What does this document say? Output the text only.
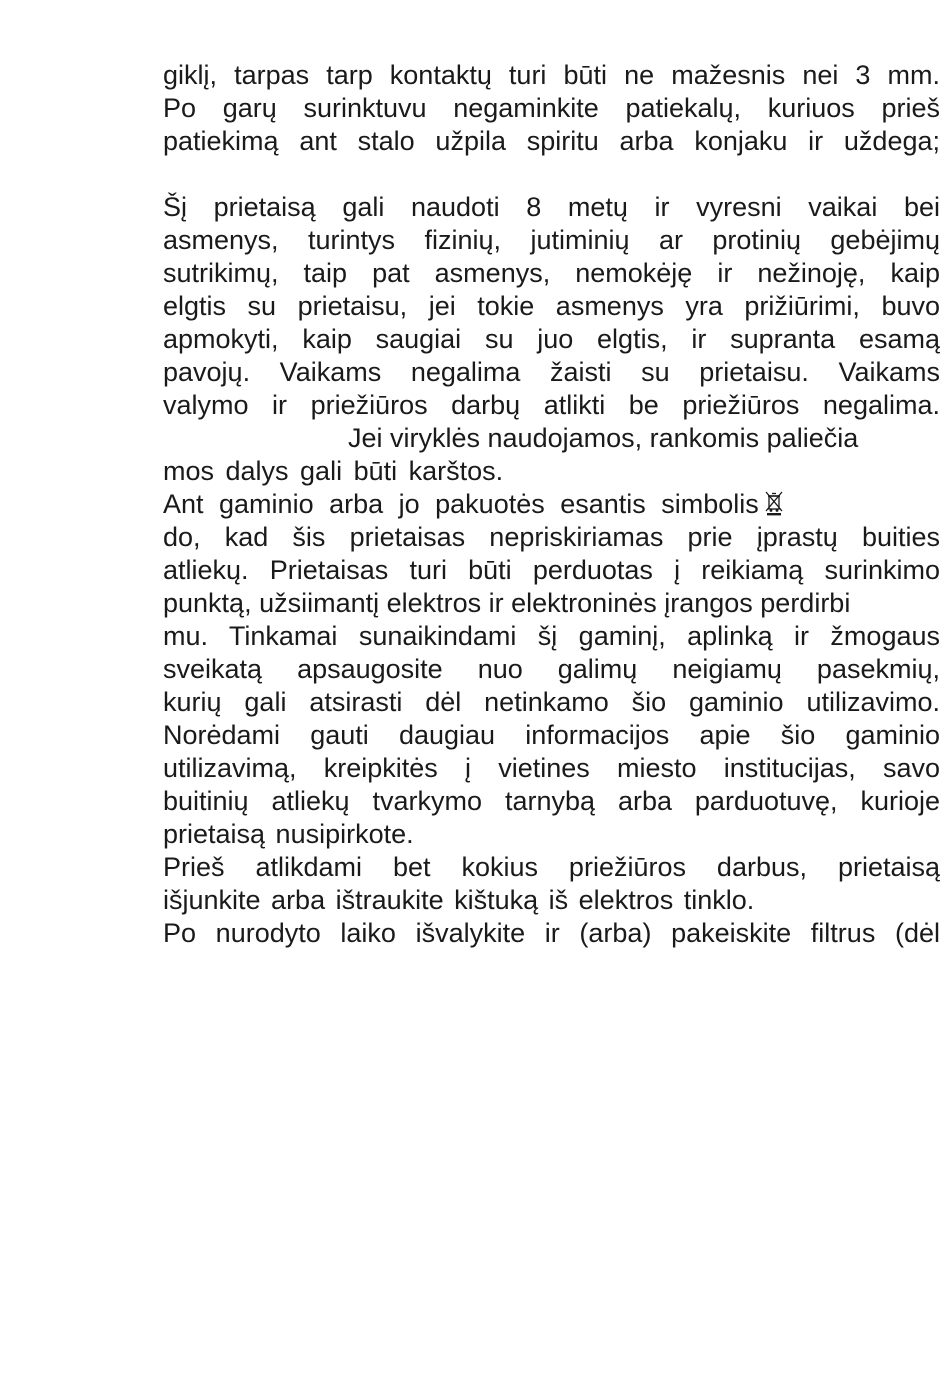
giklį, tarpas tarp kontaktų turi būti ne mažesnis nei 3 mm.
Po garų surinktuvu negaminkite patiekalų, kuriuos prieš
patiekimą ant stalo užpila spiritu arba konjaku ir uždega;
Šį prietaisą gali naudoti 8 metų ir vyresni vaikai bei
asmenys, turintys fizinių, jutiminių ar protinių gebėjimų
sutrikimų, taip pat asmenys, nemokėję ir nežinoję, kaip
elgtis su prietaisu, jei tokie asmenys yra prižiūrimi, buvo
apmokyti, kaip saugiai su juo elgtis, ir supranta esamą
pavojų. Vaikams negalima žaisti su prietaisu. Vaikams
valymo ir priežiūros darbų atlikti be priežiūros negalima.
Jei viryklės naudojamos, rankomis paliečia
mos dalys gali būti karštos.
Ant gaminio arba jo pakuotės esantis simbolis
do, kad šis prietaisas nepriskiriamas prie įprastų buities
atliekų. Prietaisas turi būti perduotas į reikiamą surinkimo
punktą, užsiimantį elektros ir elektroninės įrangos perdirbi
mu. Tinkamai sunaikindami šį gaminį, aplinką ir žmogaus
sveikatą apsaugosite nuo galimų neigiamų pasekmių,
kurių gali atsirasti dėl netinkamo šio gaminio utilizavimo.
Norėdami gauti daugiau informacijos apie šio gaminio
utilizavimą, kreipkitės į vietines miesto institucijas, savo
buitinių atliekų tvarkymo tarnybą arba parduotuvę, kurioje
prietaisą nusipirkote.
Prieš atlikdami bet kokius priežiūros darbus, prietaisą
išjunkite arba ištraukite kištuką iš elektros tinklo.
Po nurodyto laiko išvalykite ir (arba) pakeiskite filtrus (dėl
